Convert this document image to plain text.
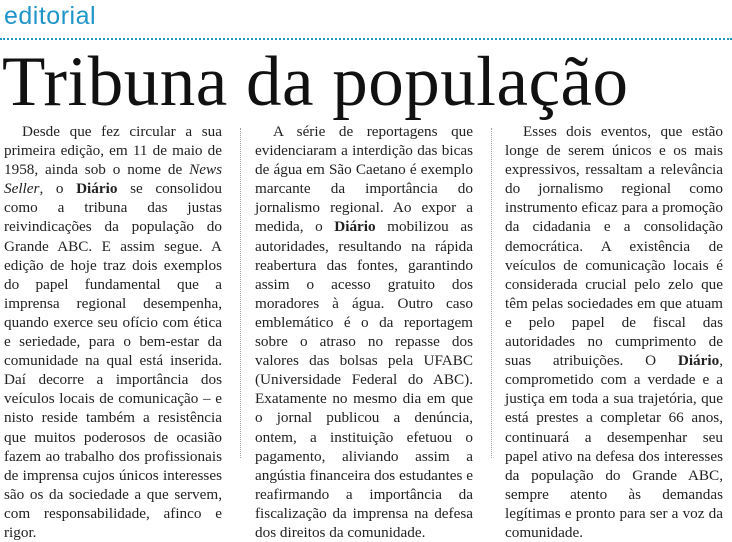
editorial
Tribuna da população
Desde que fez circular a sua primeira edição, em 11 de maio de 1958, ainda sob o nome de News Seller, o Diário se consolidou como a tribuna das justas reivindicações da população do Grande ABC. E assim segue. A edição de hoje traz dois exemplos do papel fundamental que a imprensa regional desempenha, quando exerce seu ofício com ética e seriedade, para o bem-estar da comunidade na qual está inserida. Daí decorre a importância dos veículos locais de comunicação – e nisto reside também a resistência que muitos poderosos de ocasião fazem ao trabalho dos profissionais de imprensa cujos únicos interesses são os da sociedade a que servem, com responsabilidade, afinco e rigor.
A série de reportagens que evidenciaram a interdição das bicas de água em São Caetano é exemplo marcante da importância do jornalismo regional. Ao expor a medida, o Diário mobilizou as autoridades, resultando na rápida reabertura das fontes, garantindo assim o acesso gratuito dos moradores à água. Outro caso emblemático é o da reportagem sobre o atraso no repasse dos valores das bolsas pela UFABC (Universidade Federal do ABC). Exatamente no mesmo dia em que o jornal publicou a denúncia, ontem, a instituição efetuou o pagamento, aliviando assim a angústia financeira dos estudantes e reafirmando a importância da fiscalização da imprensa na defesa dos direitos da comunidade.
Esses dois eventos, que estão longe de serem únicos e os mais expressivos, ressaltam a relevância do jornalismo regional como instrumento eficaz para a promoção da cidadania e a consolidação democrática. A existência de veículos de comunicação locais é considerada crucial pelo zelo que têm pelas sociedades em que atuam e pelo papel de fiscal das autoridades no cumprimento de suas atribuições. O Diário, comprometido com a verdade e a justiça em toda a sua trajetória, que está prestes a completar 66 anos, continuará a desempenhar seu papel ativo na defesa dos interesses da população do Grande ABC, sempre atento às demandas legítimas e pronto para ser a voz da comunidade.
